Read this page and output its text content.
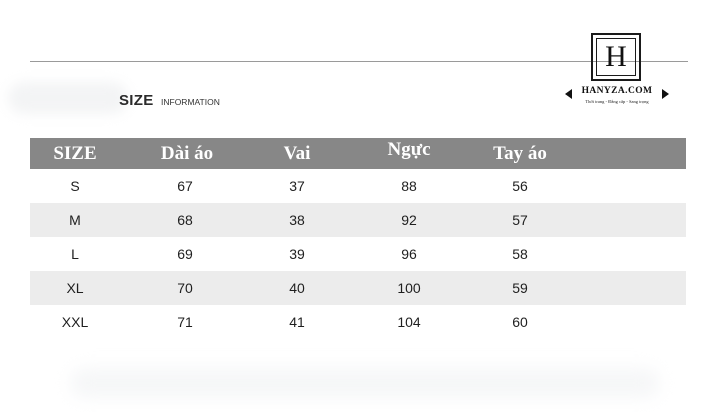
SIZE INFORMATION
H
HANYZA.COM
Thời trang - Đẳng cấp - Sang trọng
SIZE	Dài áo	Vai	Ngực	Tay áo
S	67	37	88	56
M	68	38	92	57
L	69	39	96	58
XL	70	40	100	59
XXL	71	41	104	60
